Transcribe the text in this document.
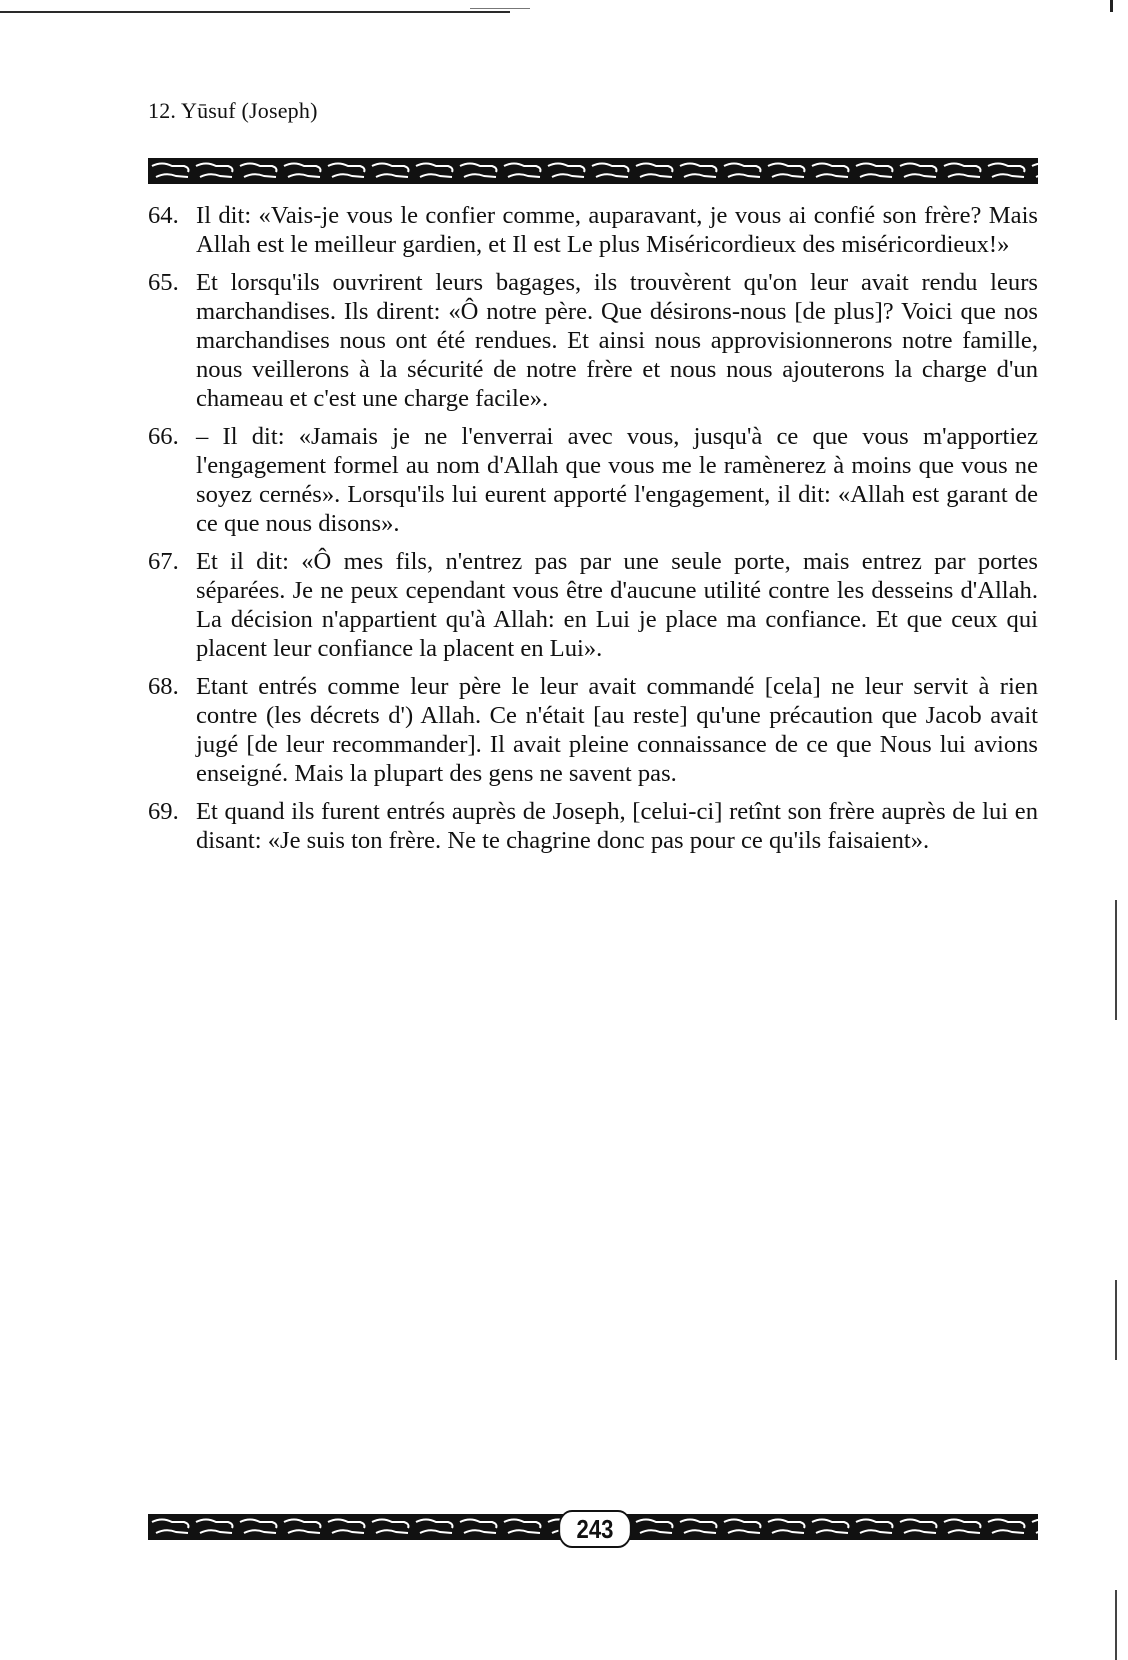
12. Yūsuf (Joseph)
64. Il dit: «Vais-je vous le confier comme, auparavant, je vous ai confié son frère? Mais Allah est le meilleur gardien, et Il est Le plus Miséricordieux des miséricordieux!»
65. Et lorsqu'ils ouvrirent leurs bagages, ils trouvèrent qu'on leur avait rendu leurs marchandises. Ils dirent: «Ô notre père. Que désirons-nous [de plus]? Voici que nos marchandises nous ont été rendues. Et ainsi nous approvisionnerons notre famille, nous veillerons à la sécurité de notre frère et nous nous ajouterons la charge d'un chameau et c'est une charge facile».
66. – Il dit: «Jamais je ne l'enverrai avec vous, jusqu'à ce que vous m'apportiez l'engagement formel au nom d'Allah que vous me le ramènerez à moins que vous ne soyez cernés». Lorsqu'ils lui eurent apporté l'engagement, il dit: «Allah est garant de ce que nous disons».
67. Et il dit: «Ô mes fils, n'entrez pas par une seule porte, mais entrez par portes séparées. Je ne peux cependant vous être d'aucune utilité contre les desseins d'Allah. La décision n'appartient qu'à Allah: en Lui je place ma confiance. Et que ceux qui placent leur confiance la placent en Lui».
68. Etant entrés comme leur père le leur avait commandé [cela] ne leur servit à rien contre (les décrets d') Allah. Ce n'était [au reste] qu'une précaution que Jacob avait jugé [de leur recommander]. Il avait pleine connaissance de ce que Nous lui avions enseigné. Mais la plupart des gens ne savent pas.
69. Et quand ils furent entrés auprès de Joseph, [celui-ci] retînt son frère auprès de lui en disant: «Je suis ton frère. Ne te chagrine donc pas pour ce qu'ils faisaient».
243
